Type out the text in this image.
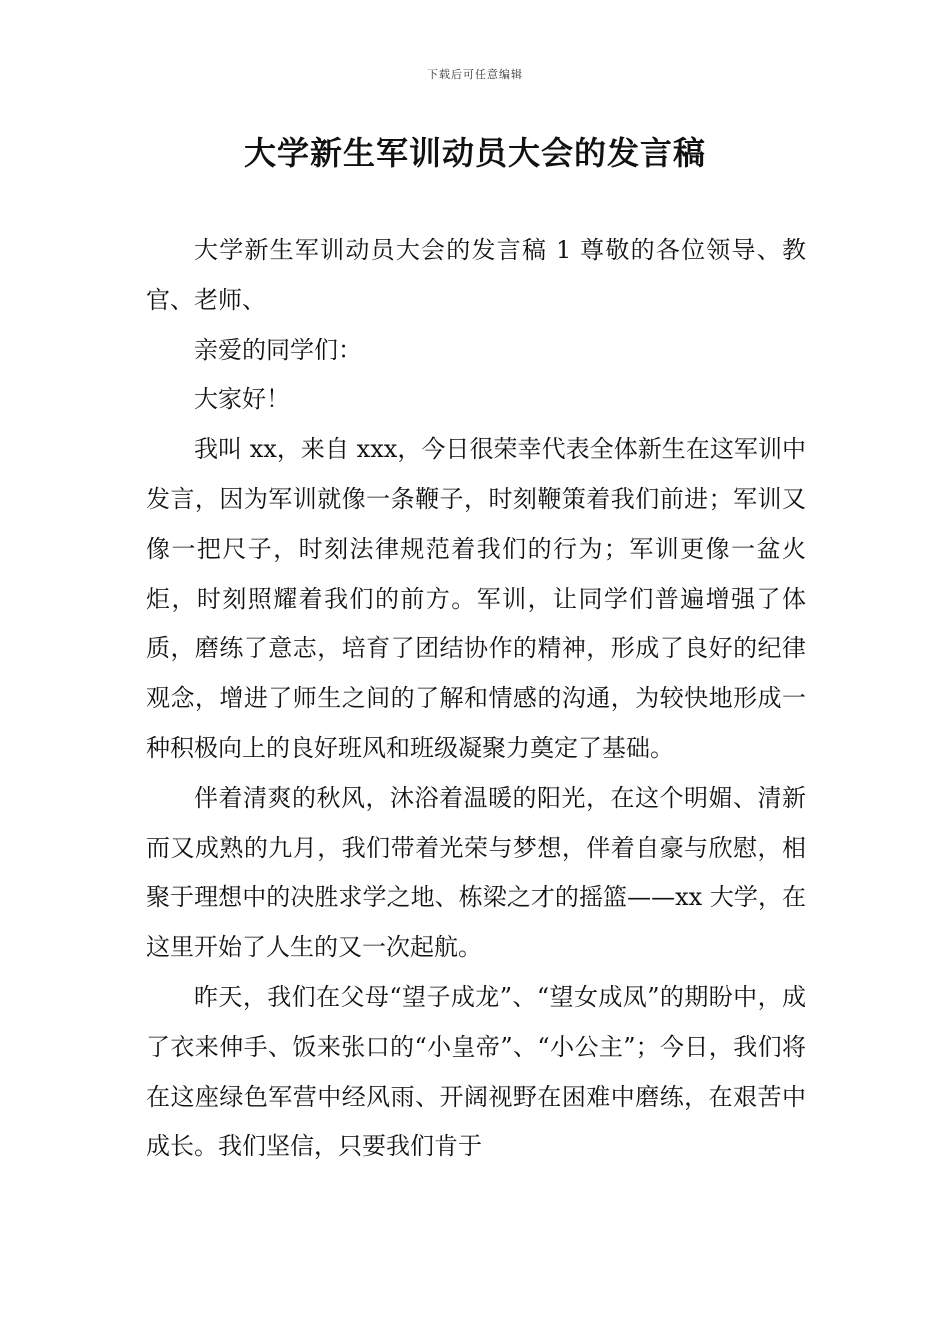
下载后可任意编辑
大学新生军训动员大会的发言稿

大学新生军训动员大会的发言稿 1 尊敬的各位领导、教官、老师、

亲爱的同学们：

大家好！

我叫 xx，来自 xxx，今日很荣幸代表全体新生在这军训中发言，因为军训就像一条鞭子，时刻鞭策着我们前进；军训又像一把尺子，时刻法律规范着我们的行为；军训更像一盆火炬，时刻照耀着我们的前方。军训，让同学们普遍增强了体质，磨练了意志，培育了团结协作的精神，形成了良好的纪律观念，增进了师生之间的了解和情感的沟通，为较快地形成一种积极向上的良好班风和班级凝聚力奠定了基础。

伴着清爽的秋风，沐浴着温暖的阳光，在这个明媚、清新而又成熟的九月，我们带着光荣与梦想，伴着自豪与欣慰，相聚于理想中的决胜求学之地、栋梁之才的摇篮——xx 大学，在这里开始了人生的又一次起航。

昨天，我们在父母“望子成龙”、“望女成凤”的期盼中，成了衣来伸手、饭来张口的“小皇帝”、“小公主”；今日，我们将在这座绿色军营中经风雨、开阔视野在困难中磨练，在艰苦中成长。我们坚信，只要我们肯于
